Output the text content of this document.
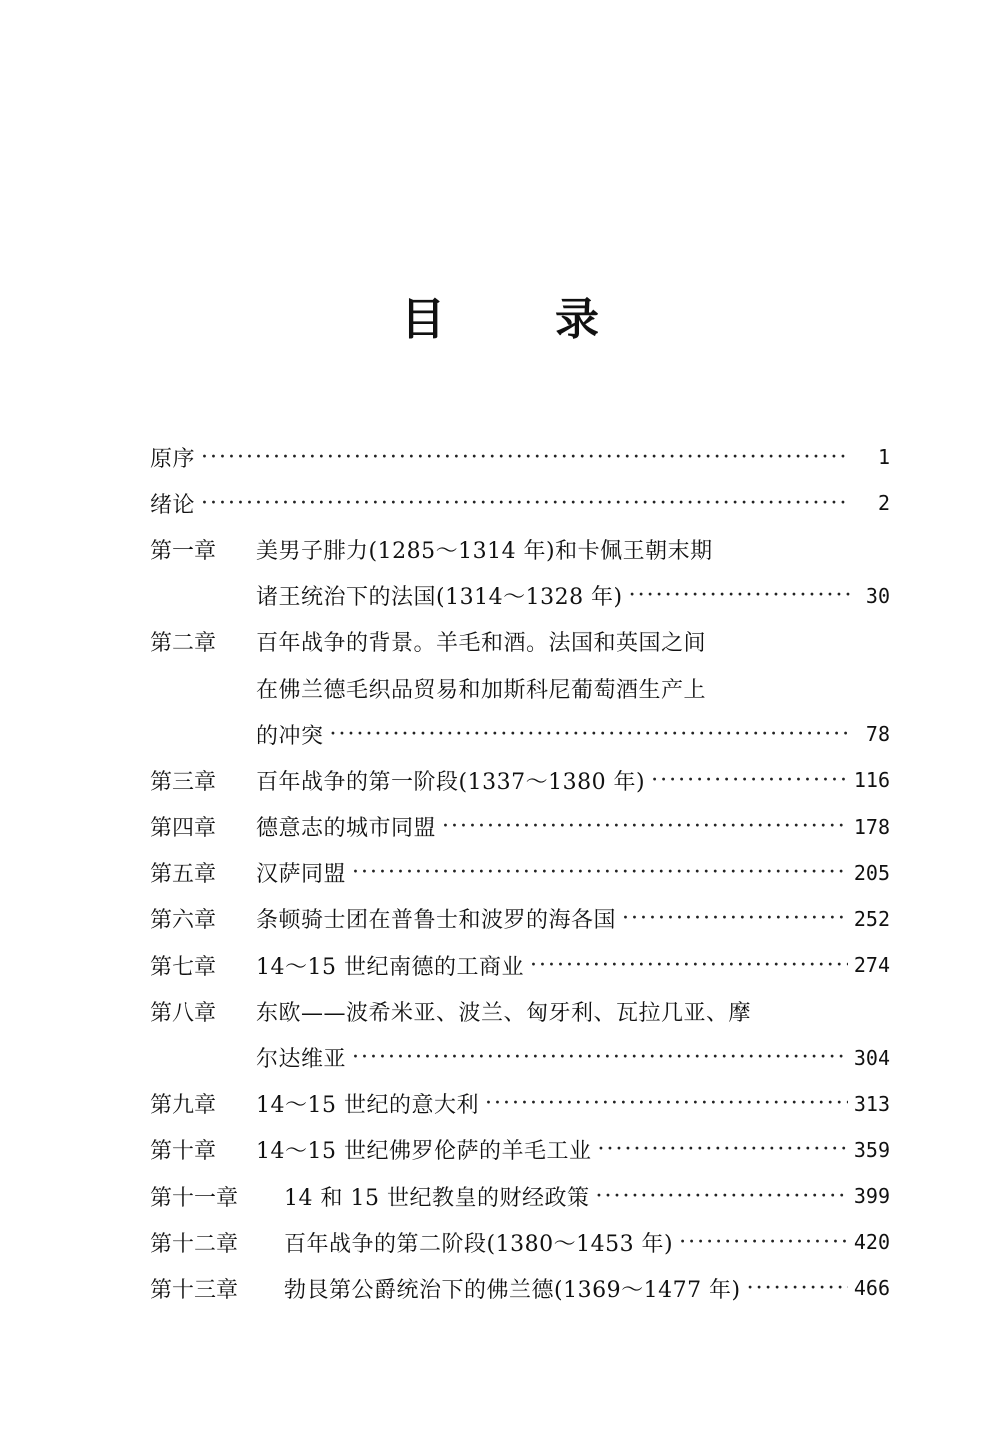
目	录
原序 ·····	1
绪论 ·····	2
第一章	美男子腓力(1285～1314 年)和卡佩王朝末期
诸王统治下的法国(1314～1328 年) ·····	30
第二章	百年战争的背景。羊毛和酒。法国和英国之间
在佛兰德毛织品贸易和加斯科尼葡萄酒生产上
的冲突 ·····	78
第三章	百年战争的第一阶段(1337～1380 年) ·····	116
第四章	德意志的城市同盟 ·····	178
第五章	汉萨同盟 ·····	205
第六章	条顿骑士团在普鲁士和波罗的海各国 ·····	252
第七章	14～15 世纪南德的工商业 ·····	274
第八章	东欧——波希米亚、波兰、匈牙利、瓦拉几亚、摩
尔达维亚 ·····	304
第九章	14～15 世纪的意大利 ·····	313
第十章	14～15 世纪佛罗伦萨的羊毛工业 ·····	359
第十一章	14 和 15 世纪教皇的财经政策 ·····	399
第十二章	百年战争的第二阶段(1380～1453 年) ·····	420
第十三章	勃艮第公爵统治下的佛兰德(1369～1477 年) ·····	466
